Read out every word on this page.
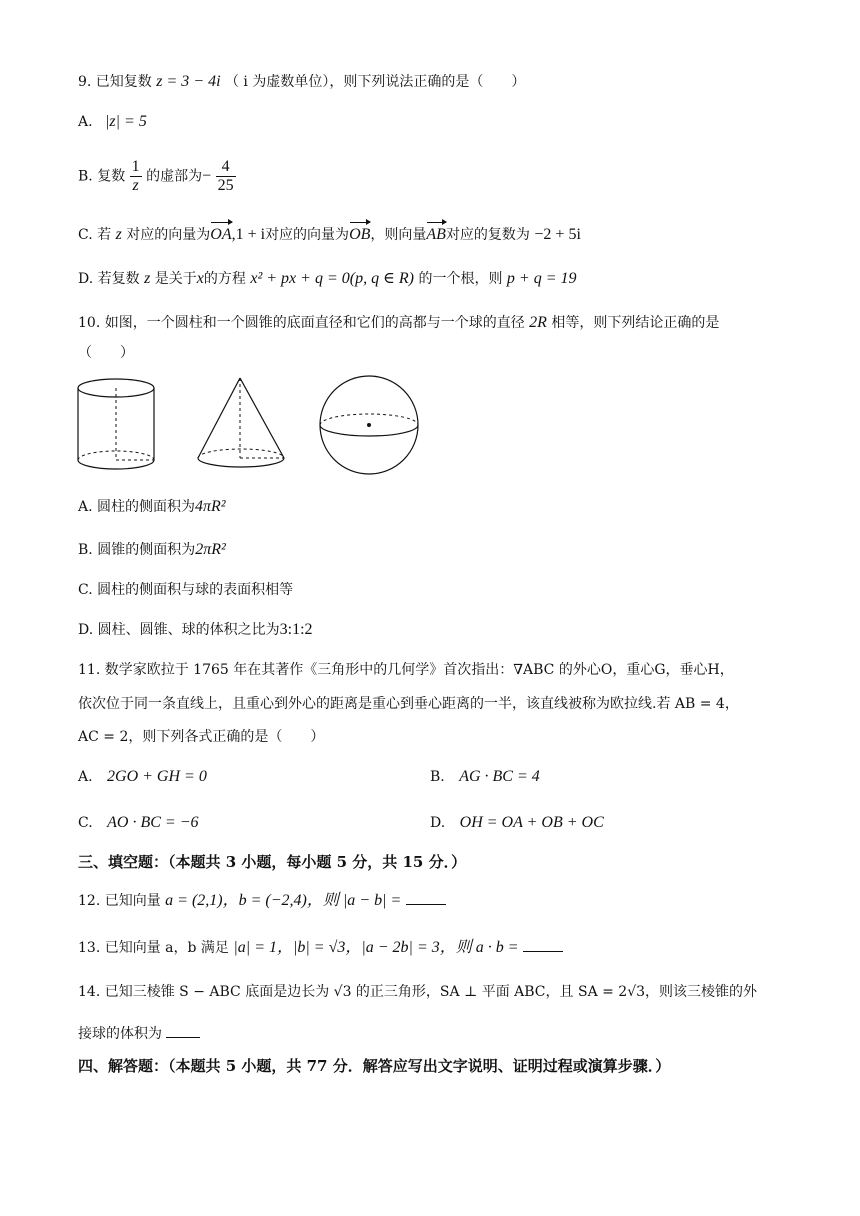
9. 已知复数 z = 3 − 4i （ i 为虚数单位），则下列说法正确的是（　　）
A. |z| = 5
B. 复数 $\frac{1}{z}$ 的虚部为− $\frac{4}{25}$
C. 若 z 对应的向量为OA,1 + i对应的向量为OB，则向量AB对应的复数为 −2 + 5i
D. 若复数 z 是关于x的方程 x² + px + q = 0(p, q ∈ R) 的一个根，则 p + q = 19
10. 如图，一个圆柱和一个圆锥的底面直径和它们的高都与一个球的直径 2R 相等，则下列结论正确的是
（　　）
A. 圆柱的侧面积为4πR²
B. 圆锥的侧面积为2πR²
C. 圆柱的侧面积与球的表面积相等
D. 圆柱、圆锥、球的体积之比为3:1:2
11. 数学家欧拉于 1765 年在其著作《三角形中的几何学》首次指出：∇ABC 的外心O，重心G，垂心H，
依次位于同一条直线上，且重心到外心的距离是重心到垂心距离的一半，该直线被称为欧拉线.若 AB = 4，
AC = 2，则下列各式正确的是（　　）
A. 2GO + GH = 0	B. AG · BC = 4
C. AO · BC = −6	D. OH = OA + OB + OC
三、填空题：（本题共 3 小题，每小题 5 分，共 15 分．）
12. 已知向量 a = (2,1)，b = (−2,4)，则 |a − b| =
13. 已知向量 a，b 满足 |a| = 1，|b| = √3，|a − 2b| = 3，则 a · b =
14. 已知三棱锥 S − ABC 底面是边长为 √3 的正三角形，SA ⊥ 平面 ABC，且 SA = 2√3，则该三棱锥的外
接球的体积为
四、解答题：（本题共 5 小题，共 77 分．解答应写出文字说明、证明过程或演算步骤．）
